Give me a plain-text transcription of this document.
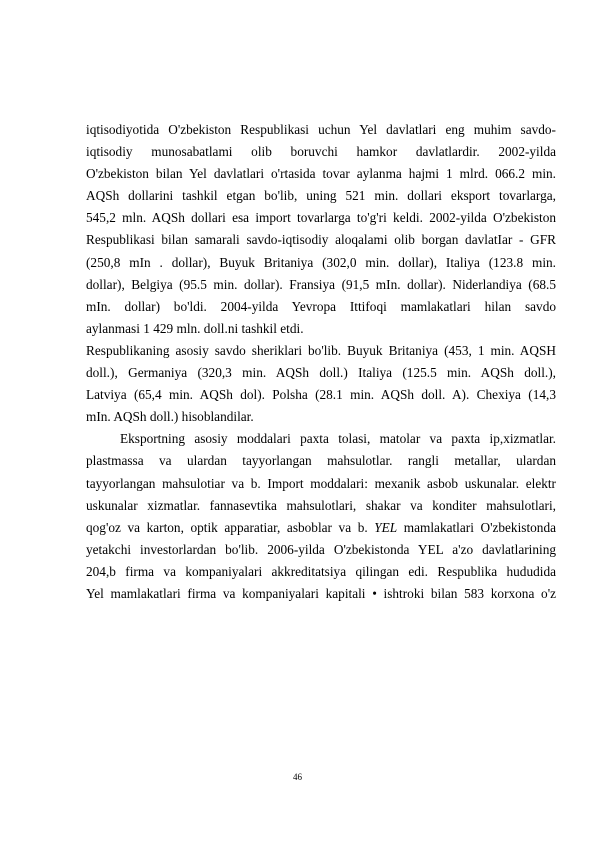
iqtisodiyotida O'zbekiston Respublikasi uchun Yel davlatlari eng muhim savdo-
iqtisodiy munosabatlami olib boruvchi hamkor davlatlardir. 2002-yilda
O'zbekiston bilan Yel davlatlari o'rtasida tovar aylanma hajmi 1 mlrd. 066.2 min.
AQSh dollarini tashkil etgan bo'lib, uning 521 min. dollari eksport tovarlarga,
545,2 mln. AQSh dollari esa import tovarlarga to'g'ri keldi. 2002-yilda O'zbekiston
Respublikasi bilan samarali savdo-iqtisodiy aloqalami olib borgan davlatIar - GFR
(250,8 mIn . dollar), Buyuk Britaniya (302,0 min. dollar), Italiya (123.8 min.
dollar), Belgiya (95.5 min. dollar). Fransiya (91,5 mIn. dollar). Niderlandiya (68.5
mIn. dollar) bo'ldi. 2004-yilda Yevropa Ittifoqi mamlakatlari hilan savdo
aylanmasi 1 429 mln. doll.ni tashkil etdi.
Respublikaning asosiy savdo sheriklari bo'lib. Buyuk Britaniya (453, 1 min. AQSH
doll.), Germaniya (320,3 min. AQSh doll.) Italiya (125.5 min. AQSh doll.),
Latviya (65,4 min. AQSh dol). Polsha (28.1 min. AQSh doll. A). Chexiya (14,3
mIn. AQSh doll.) hisoblandilar.
Eksportning asosiy moddalari paxta tolasi, matolar va paxta ip,xizmatlar.
plastmassa va ulardan tayyorlangan mahsulotlar. rangli metallar, ulardan
tayyorlangan mahsulotiar va b. Import moddalari: mexanik asbob uskunalar. elektr
uskunalar xizmatlar. fannasevtika mahsulotlari, shakar va konditer mahsulotlari,
qog'oz va karton, optik apparatiar, asboblar va b. YEL mamlakatlari O'zbekistonda
yetakchi investorlardan bo'lib. 2006-yilda O'zbekistonda YEL a'zo davlatlarining
204,b firma va kompaniyalari akkreditatsiya qilingan edi. Respublika hududida
Yel mamlakatlari firma va kompaniyalari kapitali • ishtroki bilan 583 korxona o'z
46
